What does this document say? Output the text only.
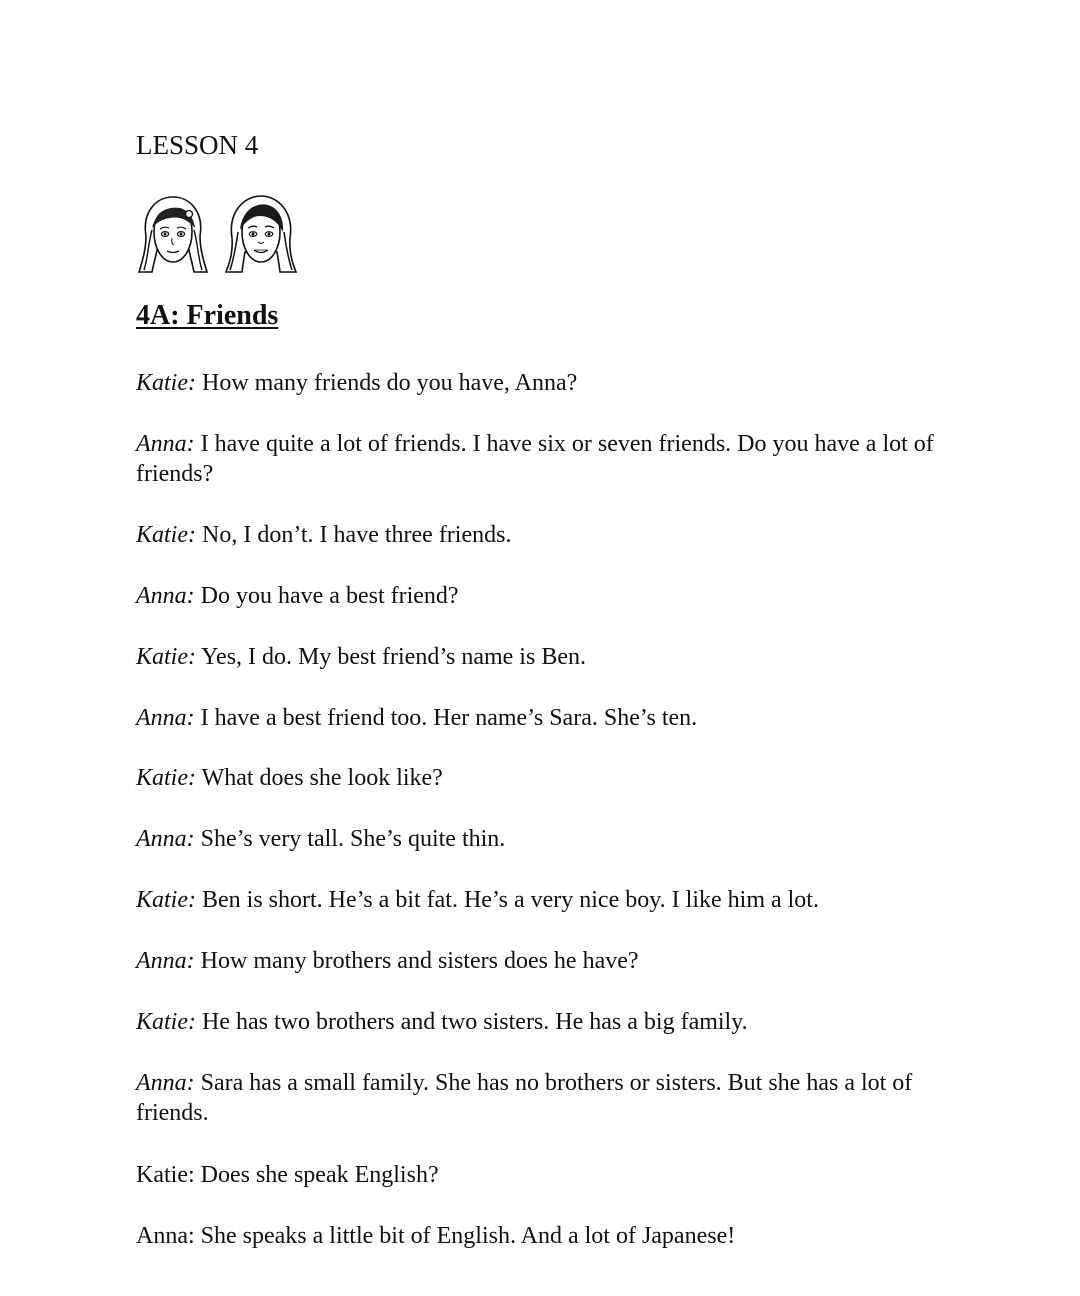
LESSON 4
4A: Friends

Katie: How many friends do you have, Anna?

Anna: I have quite a lot of friends. I have six or seven friends. Do you have a lot of friends?

Katie: No, I don’t. I have three friends.

Anna: Do you have a best friend?

Katie: Yes, I do. My best friend’s name is Ben.

Anna: I have a best friend too. Her name’s Sara. She’s ten.

Katie: What does she look like?

Anna: She’s very tall. She’s quite thin.

Katie: Ben is short. He’s a bit fat. He’s a very nice boy. I like him a lot.

Anna: How many brothers and sisters does he have?

Katie: He has two brothers and two sisters. He has a big family.

Anna: Sara has a small family. She has no brothers or sisters. But she has a lot of friends.

Katie: Does she speak English?

Anna: She speaks a little bit of English. And a lot of Japanese!
